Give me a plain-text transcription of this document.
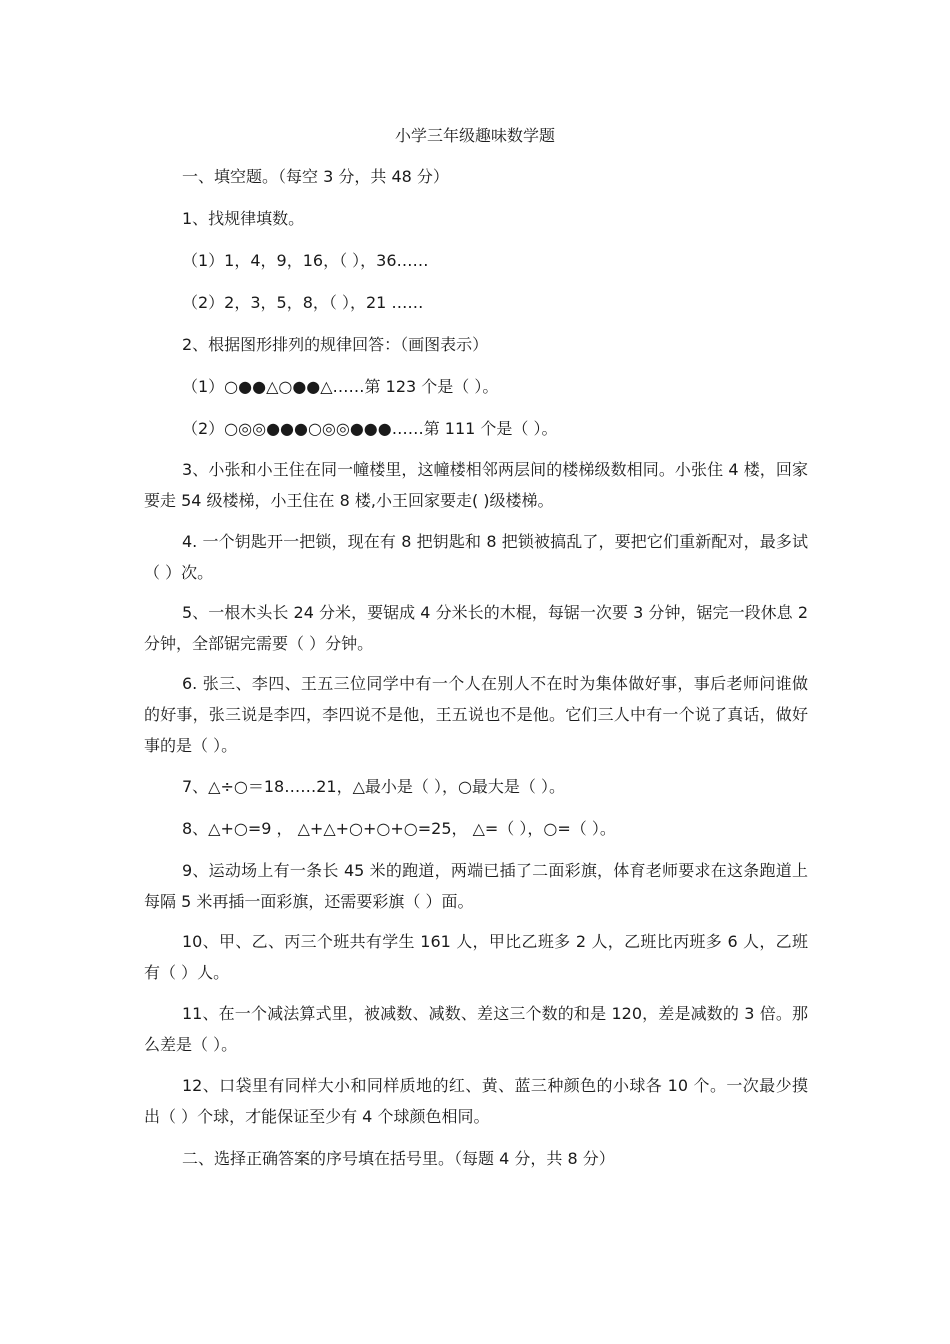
小学三年级趣味数学题
一、填空题。（每空 3 分，共 48 分）
1、找规律填数。
（1）1，4，9，16，（ ），36……
（2）2，3，5，8，（ ），21 ……
2、根据图形排列的规律回答：（画图表示）
（1）○●●△○●●△……第 123 个是（ ）。
（2）○◎◎●●●○◎◎●●●……第 111 个是（ ）。
3、小张和小王住在同一幢楼里，这幢楼相邻两层间的楼梯级数相同。小张住 4 楼，回家要走 54 级楼梯，小王住在 8 楼,小王回家要走( )级楼梯。
4. 一个钥匙开一把锁，现在有 8 把钥匙和 8 把锁被搞乱了，要把它们重新配对，最多试（ ）次。
5、一根木头长 24 分米，要锯成 4 分米长的木棍，每锯一次要 3 分钟，锯完一段休息 2 分钟，全部锯完需要（ ）分钟。
6. 张三、李四、王五三位同学中有一个人在别人不在时为集体做好事，事后老师问谁做的好事，张三说是李四，李四说不是他，王五说也不是他。它们三人中有一个说了真话，做好事的是（ ）。
7、△÷○＝18……21，△最小是（ ），○最大是（ ）。
8、△+○=9 ， △+△+○+○+○=25， △=（ ），○=（ ）。
9、运动场上有一条长 45 米的跑道，两端已插了二面彩旗，体育老师要求在这条跑道上每隔 5 米再插一面彩旗，还需要彩旗（ ）面。
10、甲、乙、丙三个班共有学生 161 人，甲比乙班多 2 人，乙班比丙班多 6 人，乙班有（ ）人。
11、在一个减法算式里，被减数、减数、差这三个数的和是 120，差是减数的 3 倍。那么差是（ ）。
12、口袋里有同样大小和同样质地的红、黄、蓝三种颜色的小球各 10 个。一次最少摸出（ ）个球，才能保证至少有 4 个球颜色相同。
二、选择正确答案的序号填在括号里。（每题 4 分，共 8 分）
